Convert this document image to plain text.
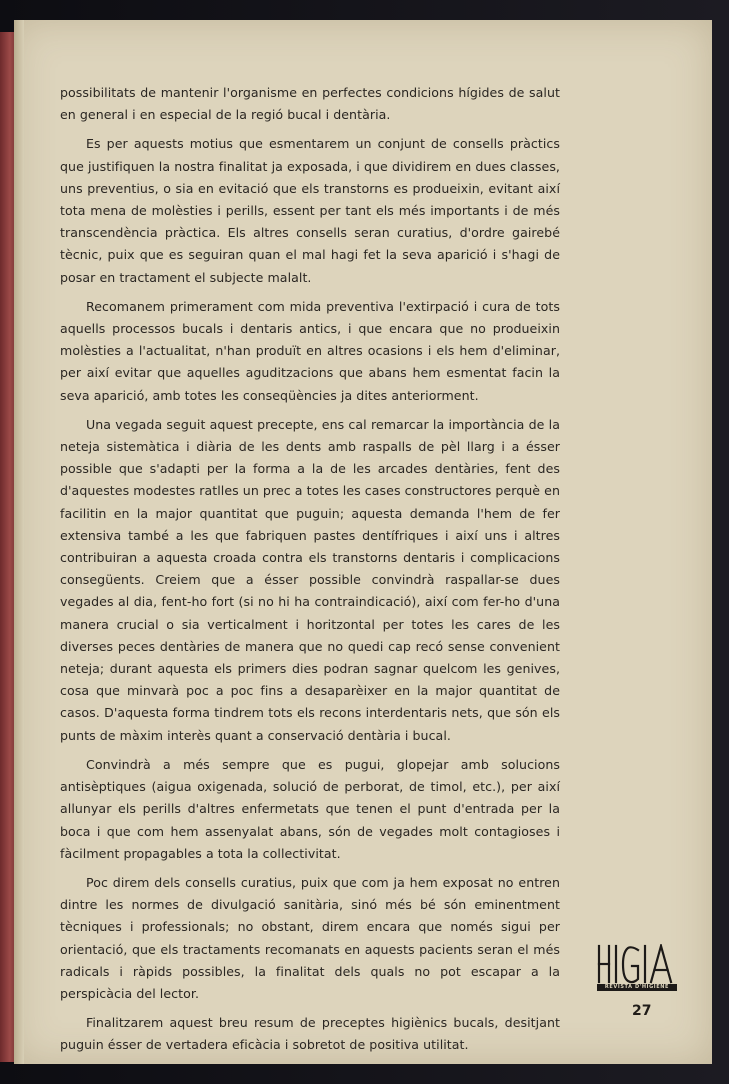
possibilitats de mantenir l'organisme en perfectes condicions hígides de salut en general i en especial de la regió bucal i dentària.

Es per aquests motius que esmentarem un conjunt de consells pràctics que justifiquen la nostra finalitat ja exposada, i que dividirem en dues classes, uns preventius, o sia en evitació que els transtorns es produeixin, evitant així tota mena de molèsties i perills, essent per tant els més importants i de més transcendència pràctica. Els altres consells seran curatius, d'ordre gairebé tècnic, puix que es seguiran quan el mal hagi fet la seva aparició i s'hagi de posar en tractament el subjecte malalt.

Recomanem primerament com mida preventiva l'extirpació i cura de tots aquells processos bucals i dentaris antics, i que encara que no produeixin molèsties a l'actualitat, n'han produït en altres ocasions i els hem d'eliminar, per així evitar que aquelles aguditzacions que abans hem esmentat facin la seva aparició, amb totes les conseqüències ja dites anteriorment.

Una vegada seguit aquest precepte, ens cal remarcar la importància de la neteja sistemàtica i diària de les dents amb raspalls de pèl llarg i a ésser possible que s'adapti per la forma a la de les arcades dentàries, fent des d'aquestes modestes ratlles un prec a totes les cases constructores perquè en facilitin en la major quantitat que puguin; aquesta demanda l'hem de fer extensiva també a les que fabriquen pastes dentífriques i així uns i altres contribuiran a aquesta croada contra els transtorns dentaris i complicacions consegüents. Creiem que a ésser possible convindrà raspallar-se dues vegades al dia, fent-ho fort (si no hi ha contraindicació), així com fer-ho d'una manera crucial o sia verticalment i horitzontal per totes les cares de les diverses peces dentàries de manera que no quedi cap recó sense convenient neteja; durant aquesta els primers dies podran sagnar quelcom les genives, cosa que minvarà poc a poc fins a desaparèixer en la major quantitat de casos. D'aquesta forma tindrem tots els recons interdentaris nets, que són els punts de màxim interès quant a conservació dentària i bucal.

Convindrà a més sempre que es pugui, glopejar amb solucions antisèptiques (aigua oxigenada, solució de perborat, de timol, etc.), per així allunyar els perills d'altres enfermetats que tenen el punt d'entrada per la boca i que com hem assenyalat abans, són de vegades molt contagioses i fàcilment propagables a tota la collectivitat.

Poc direm dels consells curatius, puix que com ja hem exposat no entren dintre les normes de divulgació sanitària, sinó més bé són eminentment tècniques i professionals; no obstant, direm encara que només sigui per orientació, que els tractaments recomanats en aquests pacients seran el més radicals i ràpids possibles, la finalitat dels quals no pot escapar a la perspicàcia del lector.

Finalitzarem aquest breu resum de preceptes higiènics bucals, desitjant puguin ésser de vertadera eficàcia i sobretot de positiva utilitat.

REVISTA D'HIGIENE
27
